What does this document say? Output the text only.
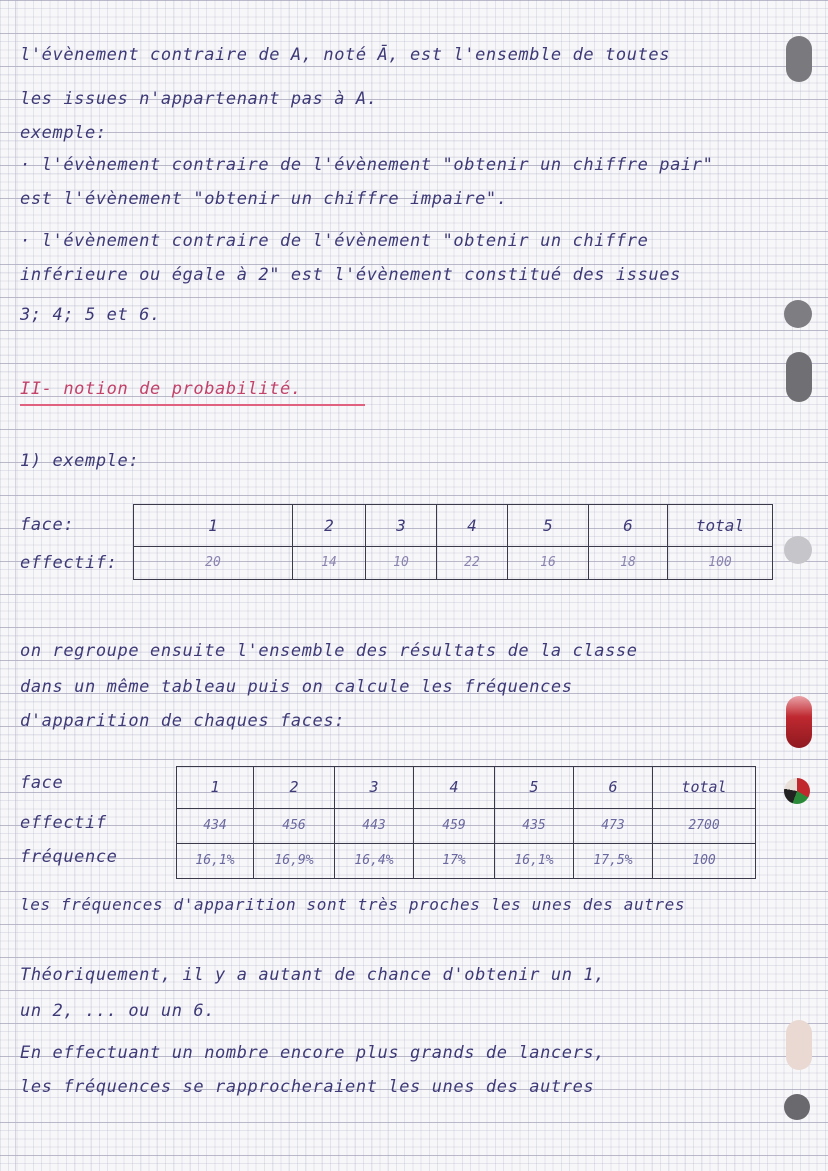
l'évènement contraire de A, noté Ā, est l'ensemble de toutes
les issues n'appartenant pas à A.
exemple:
· l'évènement contraire de l'évènement "obtenir un chiffre pair"
est l'évènement "obtenir un chiffre impaire".
· l'évènement contraire de l'évènement "obtenir un chiffre
inférieure ou égale à 2" est l'évènement constitué des issues
3; 4; 5 et 6.
II- notion de probabilité.
1) exemple:
face:
effectif:
1	2	3	4	5	6	total
20	14	10	22	16	18	100
on regroupe ensuite l'ensemble des résultats de la classe
dans un même tableau puis on calcule les fréquences
d'apparition de chaques faces:
face
effectif
fréquence
1	2	3	4	5	6	total
434	456	443	459	435	473	2700
16,1%	16,9%	16,4%	17%	16,1%	17,5%	100
les fréquences d'apparition sont très proches les unes des autres
Théoriquement, il y a autant de chance d'obtenir un 1,
un 2, ... ou un 6.
En effectuant un nombre encore plus grands de lancers,
les fréquences se rapprocheraient les unes des autres
